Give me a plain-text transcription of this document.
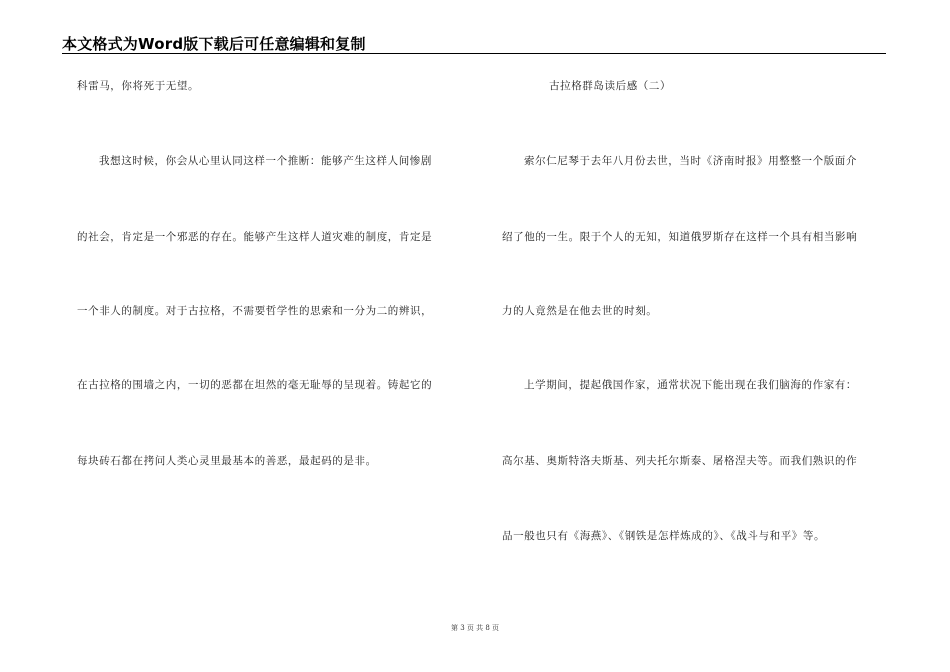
本文格式为Word版下载后可任意编辑和复制
科雷马，你将死于无望。
我想这时候，你会从心里认同这样一个推断：能够产生这样人间惨剧
的社会，肯定是一个邪恶的存在。能够产生这样人道灾难的制度，肯定是
一个非人的制度。对于古拉格，不需要哲学性的思索和一分为二的辨识，
在古拉格的围墙之内，一切的恶都在坦然的毫无耻辱的呈现着。铸起它的
每块砖石都在拷问人类心灵里最基本的善恶，最起码的是非。
古拉格群岛读后感（二）
索尔仁尼琴于去年八月份去世，当时《济南时报》用整整一个版面介
绍了他的一生。限于个人的无知，知道俄罗斯存在这样一个具有相当影响
力的人竟然是在他去世的时刻。
上学期间，提起俄国作家，通常状况下能出现在我们脑海的作家有：
高尔基、奥斯特洛夫斯基、列夫托尔斯泰、屠格涅夫等。而我们熟识的作
品一般也只有《海燕》、《钢铁是怎样炼成的》、《战斗与和平》等。
第 3 页 共 8 页
